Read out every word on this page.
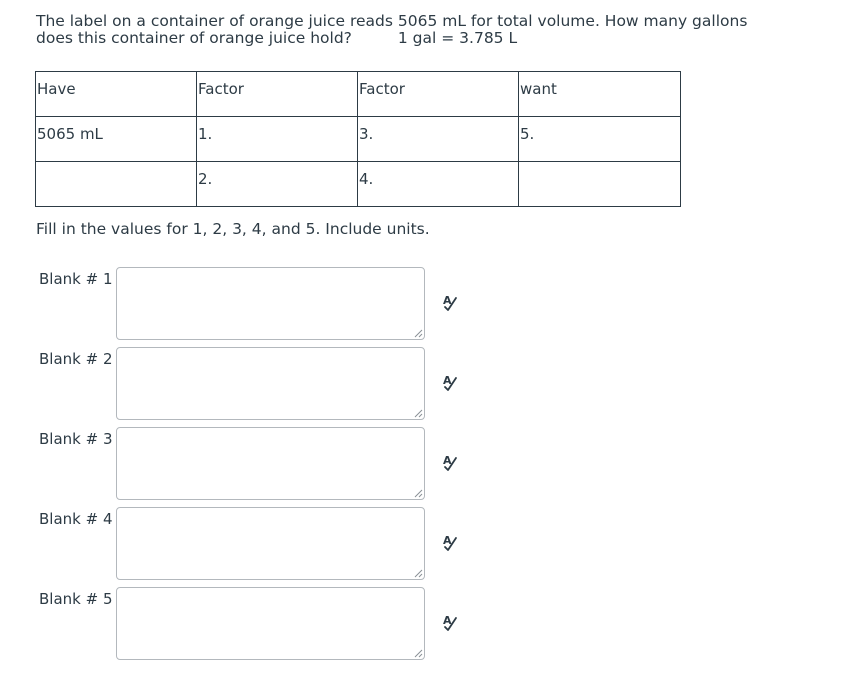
The label on a container of orange juice reads 5065 mL for total volume. How many gallons
does this container of orange juice hold?	1 gal = 3.785 L
Have	Factor	Factor	want
5065 mL	1.	3.	5.
	2.	4.	
Fill in the values for 1, 2, 3, 4, and 5. Include units.
Blank # 1
A
Blank # 2
A
Blank # 3
A
Blank # 4
A
Blank # 5
A
